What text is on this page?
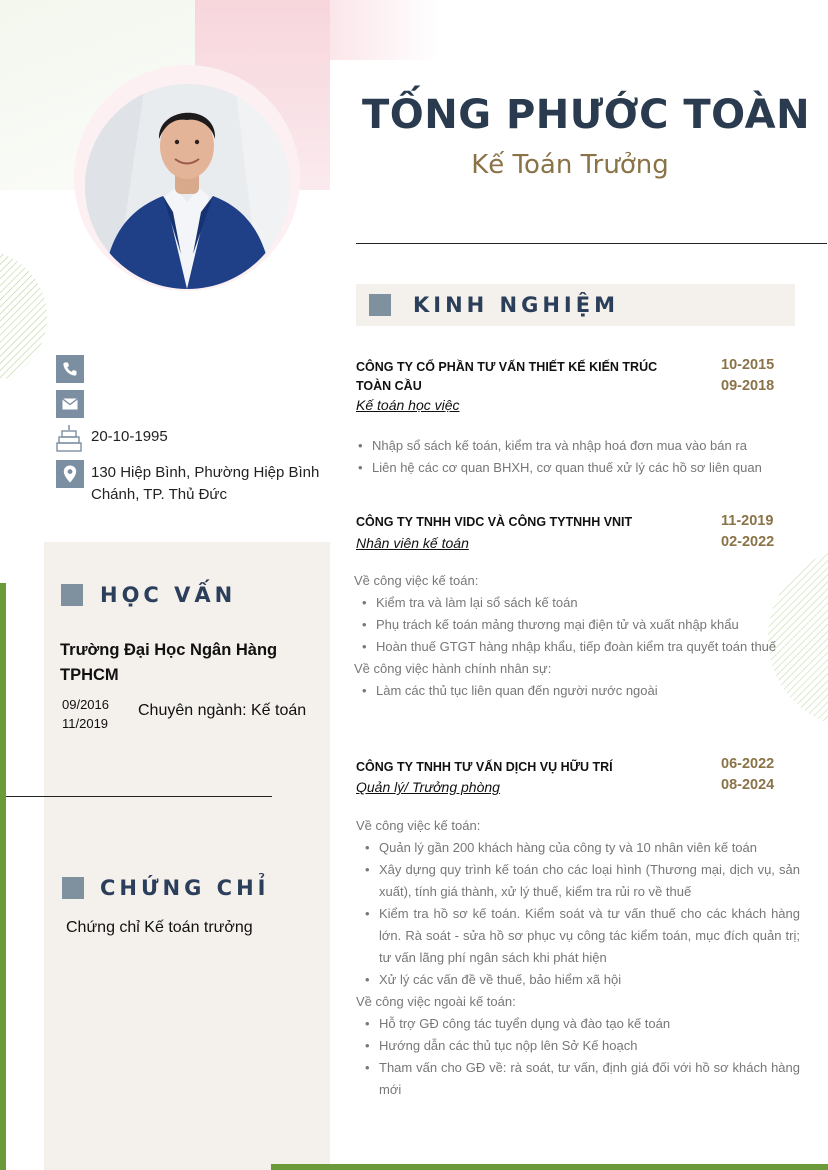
TỐNG PHƯỚC TOÀN
Kế Toán Trưởng
20-10-1995
130 Hiệp Bình, Phường Hiệp Bình
Chánh, TP. Thủ Đức
HỌC VẤN
Trường Đại Học Ngân Hàng
TPHCM
09/2016
11/2019
Chuyên ngành: Kế toán
CHỨNG CHỈ
Chứng chỉ Kế toán trưởng
KINH NGHIỆM
CÔNG TY CỔ PHẦN TƯ VẤN THIẾT KẾ KIẾN TRÚC
TOÀN CẦU
Kế toán học việc
10-2015
09-2018
• Nhập sổ sách kế toán, kiểm tra và nhập hoá đơn mua vào bán ra
• Liên hệ các cơ quan BHXH, cơ quan thuế xử lý các hồ sơ liên quan
CÔNG TY TNHH VIDC VÀ CÔNG TYTNHH VNIT
Nhân viên kế toán
11-2019
02-2022
Về công việc kế toán:
• Kiểm tra và làm lại sổ sách kế toán
• Phụ trách kế toán mảng thương mại điện tử và xuất nhập khẩu
• Hoàn thuế GTGT hàng nhập khẩu, tiếp đoàn kiểm tra quyết toán thuế
Về công việc hành chính nhân sự:
• Làm các thủ tục liên quan đến người nước ngoài
CÔNG TY TNHH TƯ VẤN DỊCH VỤ HỮU TRÍ
Quản lý/ Trưởng phòng
06-2022
08-2024
Về công việc kế toán:
• Quản lý gần 200 khách hàng của công ty và 10 nhân viên kế toán
• Xây dựng quy trình kế toán cho các loại hình (Thương mại, dịch vụ, sản xuất), tính giá thành, xử lý thuế, kiểm tra rủi ro về thuế
• Kiểm tra hồ sơ kế toán. Kiểm soát và tư vấn thuế cho các khách hàng lớn. Rà soát - sửa hồ sơ phục vụ công tác kiểm toán, mục đích quản trị; tư vấn lãng phí ngân sách khi phát hiện
• Xử lý các vấn đề về thuế, bảo hiểm xã hội
Về công việc ngoài kế toán:
• Hỗ trợ GĐ công tác tuyển dụng và đào tạo kế toán
• Hướng dẫn các thủ tục nộp lên Sở Kế hoạch
• Tham vấn cho GĐ về: rà soát, tư vấn, định giá đối với hồ sơ khách hàng mới
